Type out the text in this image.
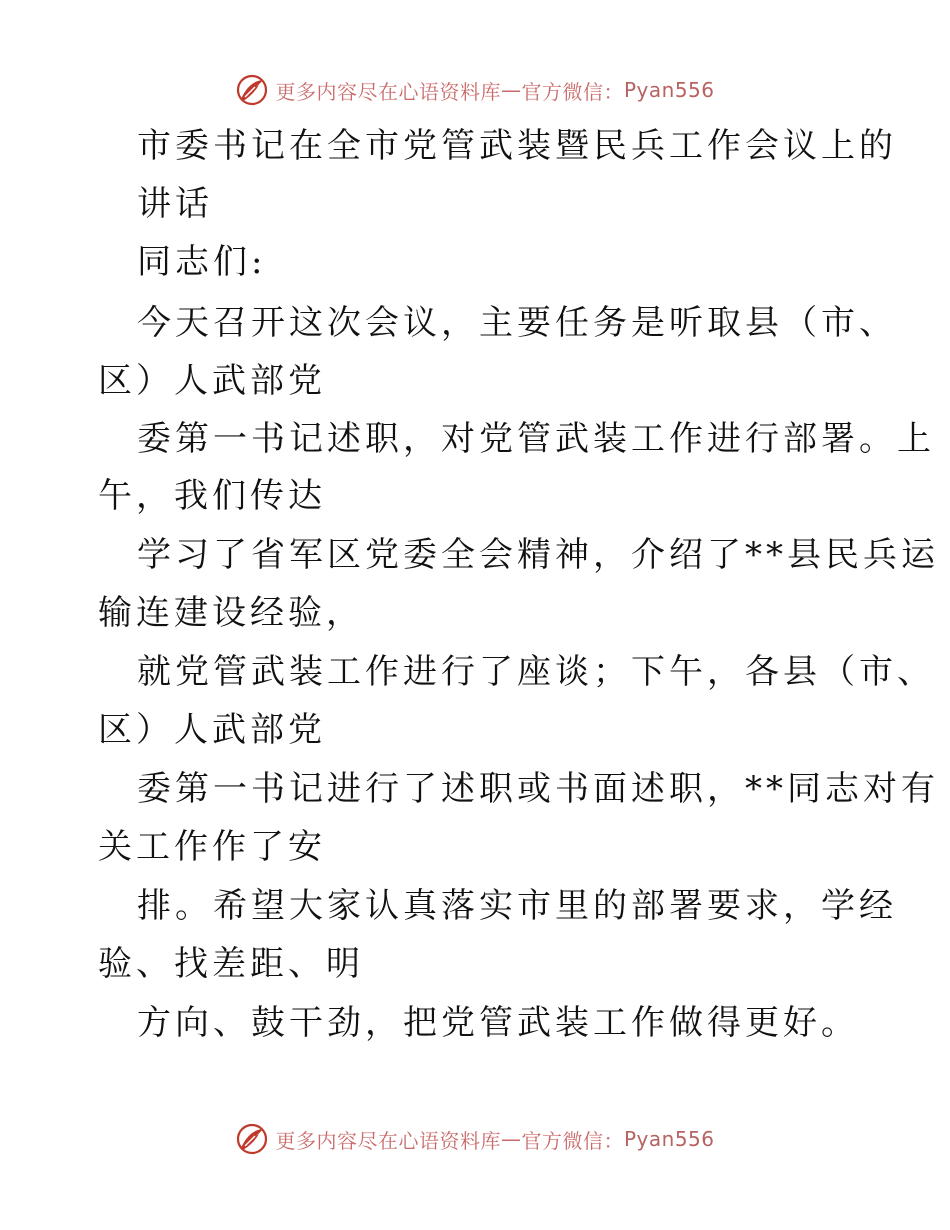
更多内容尽在心语资料库 — 官方微信： Pyan556
市委书记在全市党管武装暨民兵工作会议上的
讲话
同志们:
今天召开这次会议，主要任务是听取县（市、
区）人武部党
委第一书记述职，对党管武装工作进行部署。上
午，我们传达
学习了省军区党委全会精神，介绍了**县民兵运
输连建设经验，
就党管武装工作进行了座谈；下午，各县（市、
区）人武部党
委第一书记进行了述职或书面述职，**同志对有
关工作作了安
排。希望大家认真落实市里的部署要求，学经
验、找差距、明
方向、鼓干劲，把党管武装工作做得更好。
更多内容尽在心语资料库 — 官方微信： Pyan556
